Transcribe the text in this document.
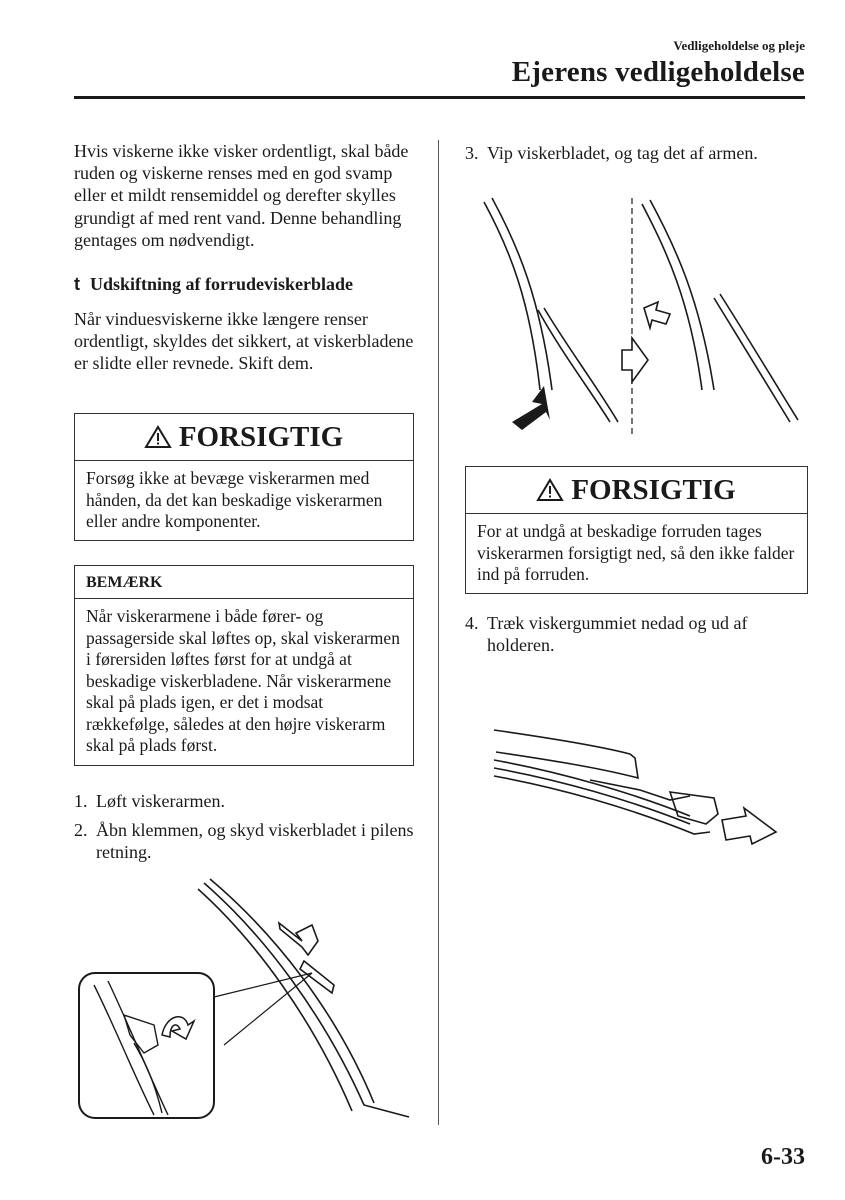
Vedligeholdelse og pleje
Ejerens vedligeholdelse

Hvis viskerne ikke visker ordentligt, skal både ruden og viskerne renses med en god svamp eller et mildt rensemiddel og derefter skylles grundigt af med rent vand. Denne behandling gentages om nødvendigt.

t Udskiftning af forrudeviskerblade

Når vinduesviskerne ikke længere renser ordentligt, skyldes det sikkert, at viskerbladene er slidte eller revnede. Skift dem.

FORSIGTIG
Forsøg ikke at bevæge viskerarmen med hånden, da det kan beskadige viskerarmen eller andre komponenter.
BEMÆRK
Når viskerarmene i både fører- og passagerside skal løftes op, skal viskerarmen i førersiden løftes først for at undgå at beskadige viskerbladene. Når viskerarmene skal på plads igen, er det i modsat rækkefølge, således at den højre viskerarm skal på plads først.
1. Løft viskerarmen.
2. Åbn klemmen, og skyd viskerbladet i pilens retning.
3. Vip viskerbladet, og tag det af armen.
FORSIGTIG
For at undgå at beskadige forruden tages viskerarmen forsigtigt ned, så den ikke falder ind på forruden.
4. Træk viskergummiet nedad og ud af holderen.
6-33
